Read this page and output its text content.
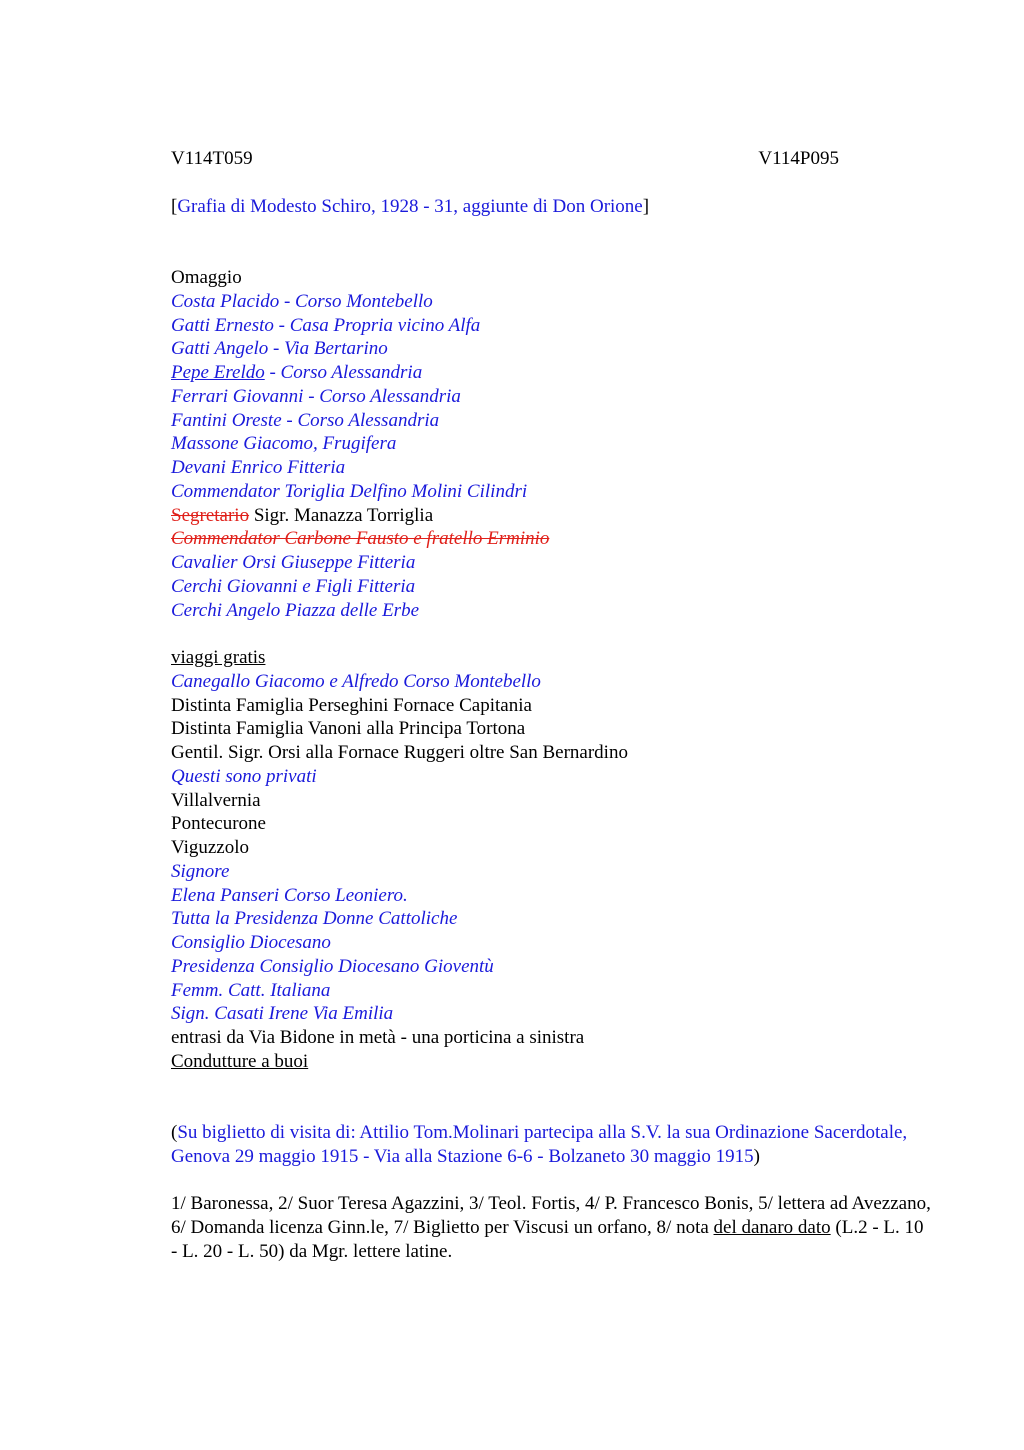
V114T059	V114P095
[Grafia di Modesto Schiro, 1928 - 31, aggiunte di Don Orione]
Omaggio
Costa Placido - Corso Montebello
Gatti Ernesto - Casa Propria vicino Alfa
Gatti Angelo - Via Bertarino
Pepe Ereldo - Corso Alessandria
Ferrari Giovanni - Corso Alessandria
Fantini Oreste - Corso Alessandria
Massone Giacomo, Frugifera
Devani Enrico Fitteria
Commendator Toriglia Delfino Molini Cilindri
Segretario Sigr. Manazza Torriglia
Commendator Carbone Fausto e fratello Erminio
Cavalier Orsi Giuseppe Fitteria
Cerchi Giovanni e Figli Fitteria
Cerchi Angelo Piazza delle Erbe
viaggi gratis
Canegallo Giacomo e Alfredo Corso Montebello
Distinta Famiglia Perseghini Fornace Capitania
Distinta Famiglia Vanoni alla Principa Tortona
Gentil. Sigr. Orsi alla Fornace Ruggeri oltre San Bernardino
Questi sono privati
Villalvernia
Pontecurone
Viguzzolo
Signore
Elena Panseri Corso Leoniero.
Tutta la Presidenza Donne Cattoliche
Consiglio Diocesano
Presidenza Consiglio Diocesano Gioventù
Femm. Catt. Italiana
Sign. Casati Irene Via Emilia
entrasi da Via Bidone in metà - una porticina a sinistra
Condutture a buoi
(Su biglietto di visita di: Attilio Tom.Molinari partecipa alla S.V. la sua Ordinazione Sacerdotale, Genova 29 maggio 1915 - Via alla Stazione 6-6 - Bolzaneto 30 maggio 1915)
1/ Baronessa, 2/ Suor Teresa Agazzini, 3/ Teol. Fortis, 4/ P. Francesco Bonis, 5/ lettera ad Avezzano, 6/ Domanda licenza Ginn.le, 7/ Biglietto per Viscusi un orfano, 8/ nota del danaro dato (L.2 - L. 10 - L. 20 - L. 50) da Mgr. lettere latine.
